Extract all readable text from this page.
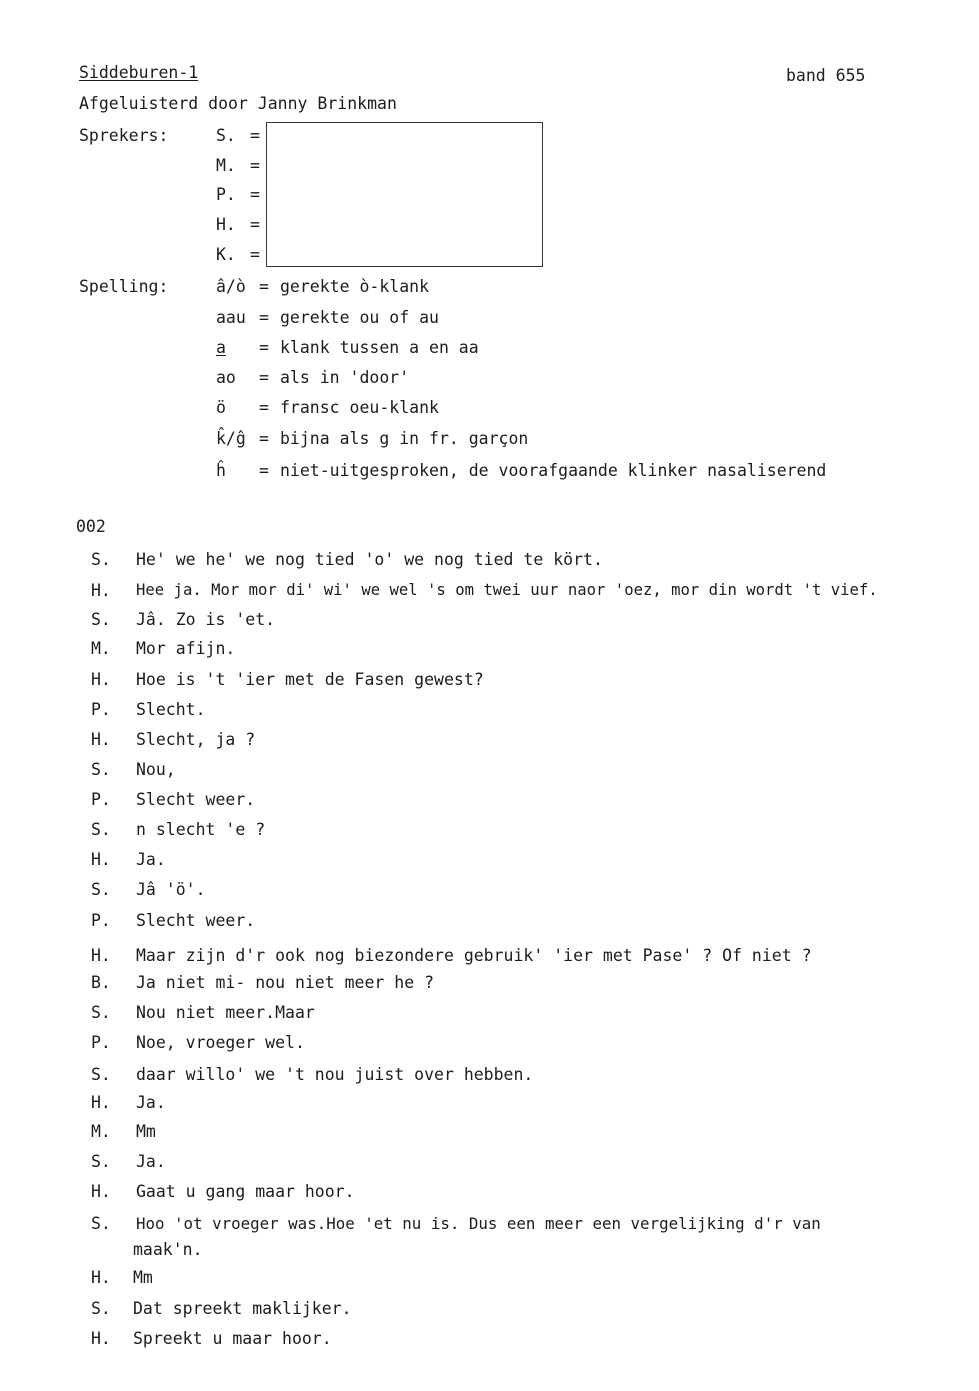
Siddeburen-1
Afgeluisterd door Janny Brinkman
band 655
Sprekers:	S. =
M. =
P. =
H. =
K. =
Spelling:	â/ò = gerekte ò-klank
aau = gerekte ou of au
a = klank tussen a en aa
ao = als in 'door'
ö = fransc oeu-klank
k̂/ĝ = bijna als g in fr. garçon
ĥ = niet-uitgesproken, de voorafgaande klinker nasaliserend
002
S. He' we he' we nog tied 'o' we nog tied te kört.
H. Hee ja. Mor mor di' wi' we wel 's om twei uur naor 'oez, mor din wordt 't vief.
S. Jâ. Zo is 'et.
M. Mor afijn.
H. Hoe is 't 'ier met de Fasen gewest?
P. Slecht.
H. Slecht, ja ?
S. Nou,
P. Slecht weer.
S. n slecht 'e ?
H. Ja.
S. Jâ 'ö'.
P. Slecht weer.
H. Maar zijn d'r ook nog biezondere gebruik' 'ier met Pase' ? Of niet ?
B. Ja niet mi- nou niet meer he ?
S. Nou niet meer.Maar
P. Noe, vroeger wel.
S. daar willo' we 't nou juist over hebben.
H. Ja.
M. Mm
S. Ja.
H. Gaat u gang maar hoor.
S. Hoo 'ot vroeger was.Hoe 'et nu is. Dus een meer een vergelijking d'r van
maak'n.
H. Mm
S. Dat spreekt maklijker.
H. Spreekt u maar hoor.
